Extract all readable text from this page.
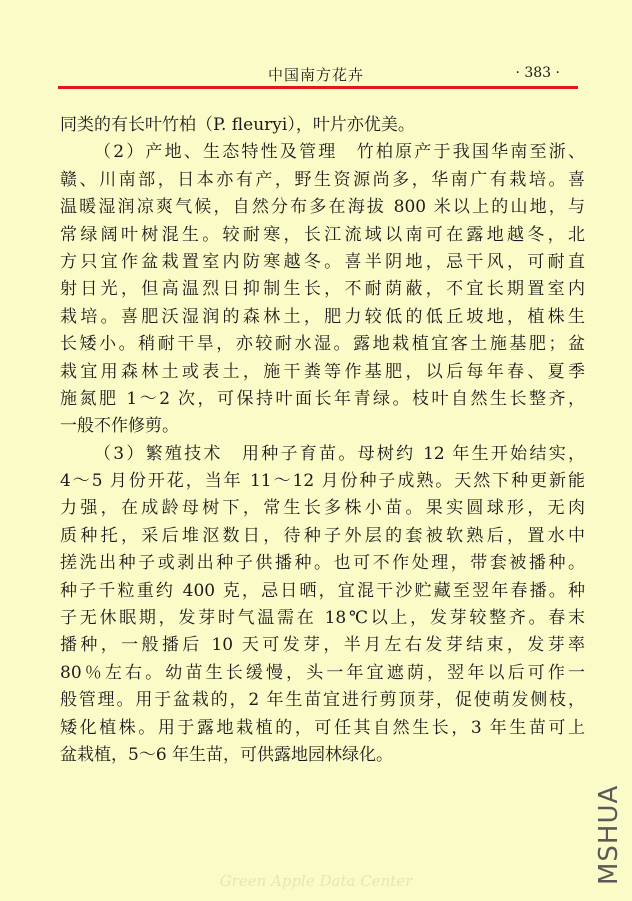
中国南方花卉	· 383 ·
同类的有长叶竹柏（P. fleuryi），叶片亦优美。
（2）产地、生态特性及管理　竹柏原产于我国华南至浙、
赣、川南部，日本亦有产，野生资源尚多，华南广有栽培。喜
温暖湿润凉爽气候，自然分布多在海拔 800 米以上的山地，与
常绿阔叶树混生。较耐寒，长江流域以南可在露地越冬，北
方只宜作盆栽置室内防寒越冬。喜半阴地，忌干风，可耐直
射日光，但高温烈日抑制生长，不耐荫蔽，不宜长期置室内
栽培。喜肥沃湿润的森林土，肥力较低的低丘坡地，植株生
长矮小。稍耐干旱，亦较耐水湿。露地栽植宜客土施基肥；盆
栽宜用森林土或表土，施干粪等作基肥，以后每年春、夏季
施氮肥 1～2 次，可保持叶面长年青绿。枝叶自然生长整齐，
一般不作修剪。
（3）繁殖技术　用种子育苗。母树约 12 年生开始结实，
4～5 月份开花，当年 11～12 月份种子成熟。天然下种更新能
力强，在成龄母树下，常生长多株小苗。果实圆球形，无肉
质种托，采后堆沤数日，待种子外层的套被软熟后，置水中
搓洗出种子或剥出种子供播种。也可不作处理，带套被播种。
种子千粒重约 400 克，忌日晒，宜混干沙贮藏至翌年春播。种
子无休眠期，发芽时气温需在 18℃以上，发芽较整齐。春末
播种，一般播后 10 天可发芽，半月左右发芽结束，发芽率
80％左右。幼苗生长缓慢，头一年宜遮荫，翌年以后可作一
般管理。用于盆栽的，2 年生苗宜进行剪顶芽，促使萌发侧枝，
矮化植株。用于露地栽植的，可任其自然生长，3 年生苗可上
盆栽植，5～6 年生苗，可供露地园林绿化。
MSHUA
Green Apple Data Center
